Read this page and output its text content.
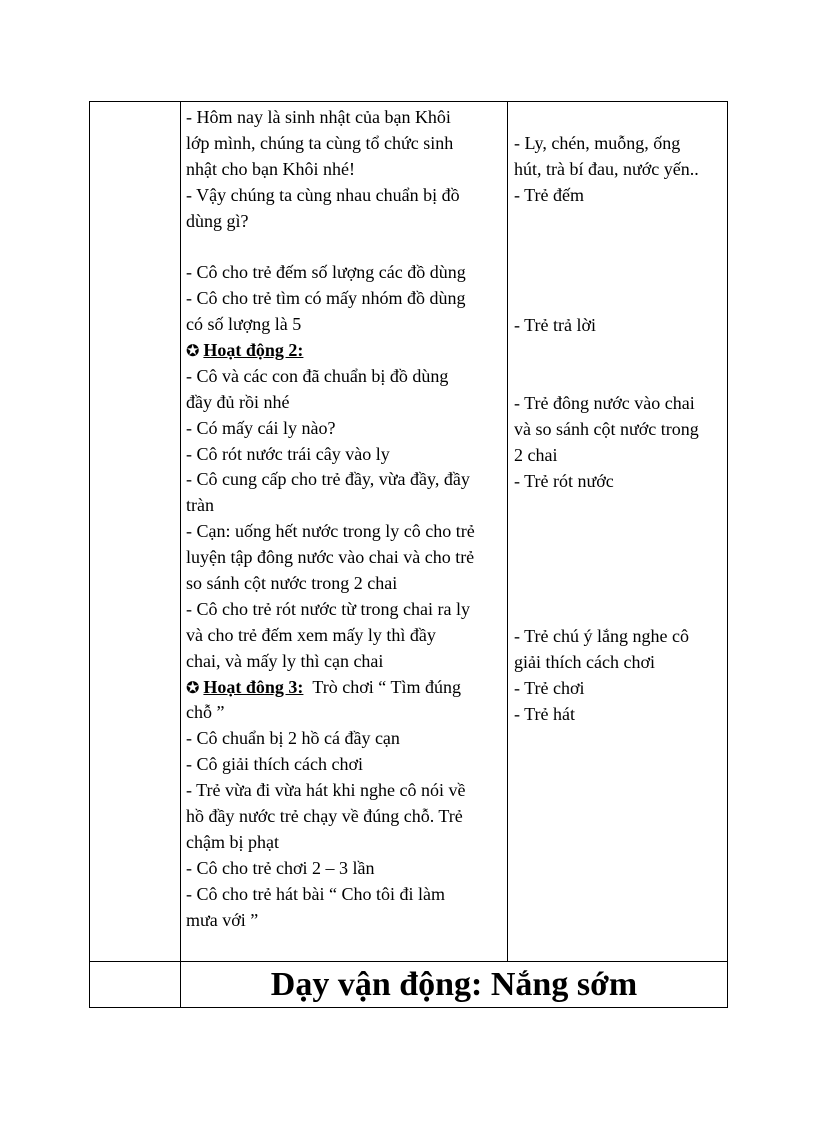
- Hôm nay là sinh nhật của bạn Khôi
lớp mình, chúng ta cùng tổ chức sinh
nhật cho bạn Khôi nhé!
- Vậy chúng ta cùng nhau chuẩn bị đồ
dùng gì?
- Cô cho trẻ đếm số lượng các đồ dùng
- Cô cho trẻ tìm có mấy nhóm đồ dùng
có số lượng là 5
✪ Hoạt động 2:
- Cô và các con đã chuẩn bị đồ dùng
đầy đủ rồi nhé
- Có mấy cái ly nào?
- Cô rót nước trái cây vào ly
- Cô cung cấp cho trẻ đầy, vừa đầy, đầy
tràn
- Cạn: uống hết nước trong ly cô cho trẻ
luyện tập đông nước vào chai và cho trẻ
so sánh cột nước trong 2 chai
- Cô cho trẻ rót nước từ trong chai ra ly
và cho trẻ đếm xem mấy ly thì đầy
chai, và mấy ly thì cạn chai
✪ Hoạt đông 3: Trò chơi “ Tìm đúng
chỗ ”
- Cô chuẩn bị 2 hồ cá đầy cạn
- Cô giải thích cách chơi
- Trẻ vừa đi vừa hát khi nghe cô nói về
hồ đầy nước trẻ chạy về đúng chỗ. Trẻ
chậm bị phạt
- Cô cho trẻ chơi 2 – 3 lần
- Cô cho trẻ hát bài “ Cho tôi đi làm
mưa với ”
- Ly, chén, muỗng, ống
hút, trà bí đau, nước yến..
- Trẻ đếm
- Trẻ trả lời
- Trẻ đông nước vào chai
và so sánh cột nước trong
2 chai
- Trẻ rót nước
- Trẻ chú ý lắng nghe cô
giải thích cách chơi
- Trẻ chơi
- Trẻ hát
Dạy vận động: Nắng sớm
